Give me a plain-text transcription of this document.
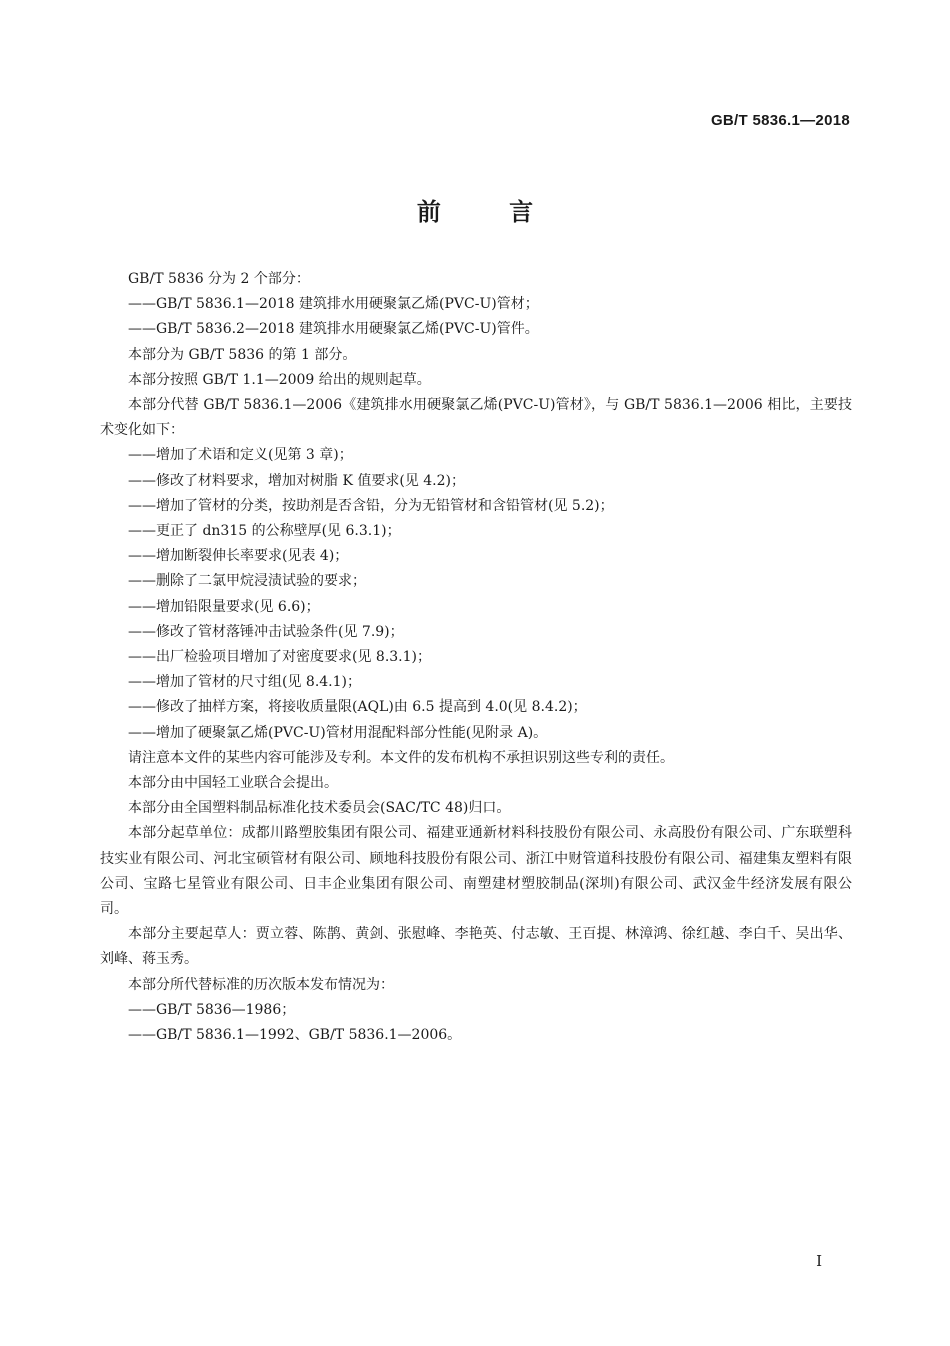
GB/T 5836.1—2018
前 言

GB/T 5836 分为 2 个部分：

——GB/T 5836.1—2018 建筑排水用硬聚氯乙烯(PVC-U)管材；

——GB/T 5836.2—2018 建筑排水用硬聚氯乙烯(PVC-U)管件。

本部分为 GB/T 5836 的第 1 部分。

本部分按照 GB/T 1.1—2009 给出的规则起草。

本部分代替 GB/T 5836.1—2006《建筑排水用硬聚氯乙烯(PVC-U)管材》，与 GB/T 5836.1—2006 相比，主要技术变化如下：

——增加了术语和定义(见第 3 章)；

——修改了材料要求，增加对树脂 K 值要求(见 4.2)；

——增加了管材的分类，按助剂是否含铅，分为无铅管材和含铅管材(见 5.2)；

——更正了 dn315 的公称壁厚(见 6.3.1)；

——增加断裂伸长率要求(见表 4)；

——删除了二氯甲烷浸渍试验的要求；

——增加铅限量要求(见 6.6)；

——修改了管材落锤冲击试验条件(见 7.9)；

——出厂检验项目增加了对密度要求(见 8.3.1)；

——增加了管材的尺寸组(见 8.4.1)；

——修改了抽样方案，将接收质量限(AQL)由 6.5 提高到 4.0(见 8.4.2)；

——增加了硬聚氯乙烯(PVC-U)管材用混配料部分性能(见附录 A)。

请注意本文件的某些内容可能涉及专利。本文件的发布机构不承担识别这些专利的责任。

本部分由中国轻工业联合会提出。

本部分由全国塑料制品标准化技术委员会(SAC/TC 48)归口。

本部分起草单位：成都川路塑胶集团有限公司、福建亚通新材料科技股份有限公司、永高股份有限公司、广东联塑科技实业有限公司、河北宝硕管材有限公司、顾地科技股份有限公司、浙江中财管道科技股份有限公司、福建集友塑料有限公司、宝路七星管业有限公司、日丰企业集团有限公司、南塑建材塑胶制品(深圳)有限公司、武汉金牛经济发展有限公司。

本部分主要起草人：贾立蓉、陈鹊、黄剑、张慰峰、李艳英、付志敏、王百提、林漳鸿、徐红越、李白千、吴出华、刘峰、蒋玉秀。

本部分所代替标准的历次版本发布情况为：

——GB/T 5836—1986；

——GB/T 5836.1—1992、GB/T 5836.1—2006。

I
